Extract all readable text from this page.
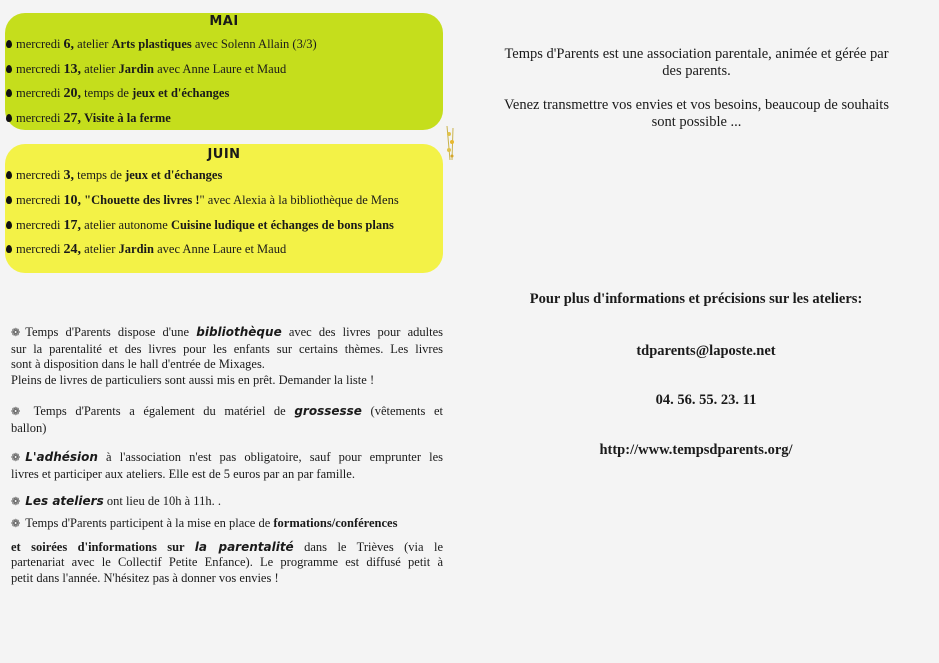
MAI
mercredi 6, atelier Arts plastiques avec Solenn Allain (3/3)
mercredi 13, atelier Jardin avec Anne Laure et Maud
mercredi 20, temps de jeux et d'échanges
mercredi 27, Visite à la ferme
JUIN
mercredi 3, temps de jeux et d'échanges
mercredi 10, "Chouette des livres !" avec Alexia à la bibliothèque de Mens
mercredi 17, atelier autonome Cuisine ludique et échanges de bons plans
mercredi 24, atelier Jardin avec Anne Laure et Maud
Temps d'Parents est une association parentale, animée et gérée par
des parents.
Venez transmettre vos envies et vos besoins, beaucoup de souhaits
sont possible ...
Pour plus d'informations et précisions sur les ateliers:
tdparents@laposte.net
04. 56. 55. 23. 11
http://www.tempsdparents.org/
❁ Temps d'Parents dispose d'une bibliothèque avec des livres pour adultes
sur la parentalité et des livres pour les enfants sur certains thèmes. Les livres
sont à disposition dans le hall d'entrée de Mixages.
Pleins de livres de particuliers sont aussi mis en prêt. Demander la liste !
❁ Temps d'Parents a également du matériel de grossesse (vêtements et
ballon)
❁ L'adhésion à l'association n'est pas obligatoire, sauf pour emprunter les
livres et participer aux ateliers. Elle est de 5 euros par an par famille.
❁ Les ateliers ont lieu de 10h à 11h. .
❁ Temps d'Parents participent à la mise en place de formations/conférences
et soirées d'informations sur la parentalité dans le Trièves (via le
partenariat avec le Collectif Petite Enfance). Le programme est diffusé petit à
petit dans l'année. N'hésitez pas à donner vos envies !
